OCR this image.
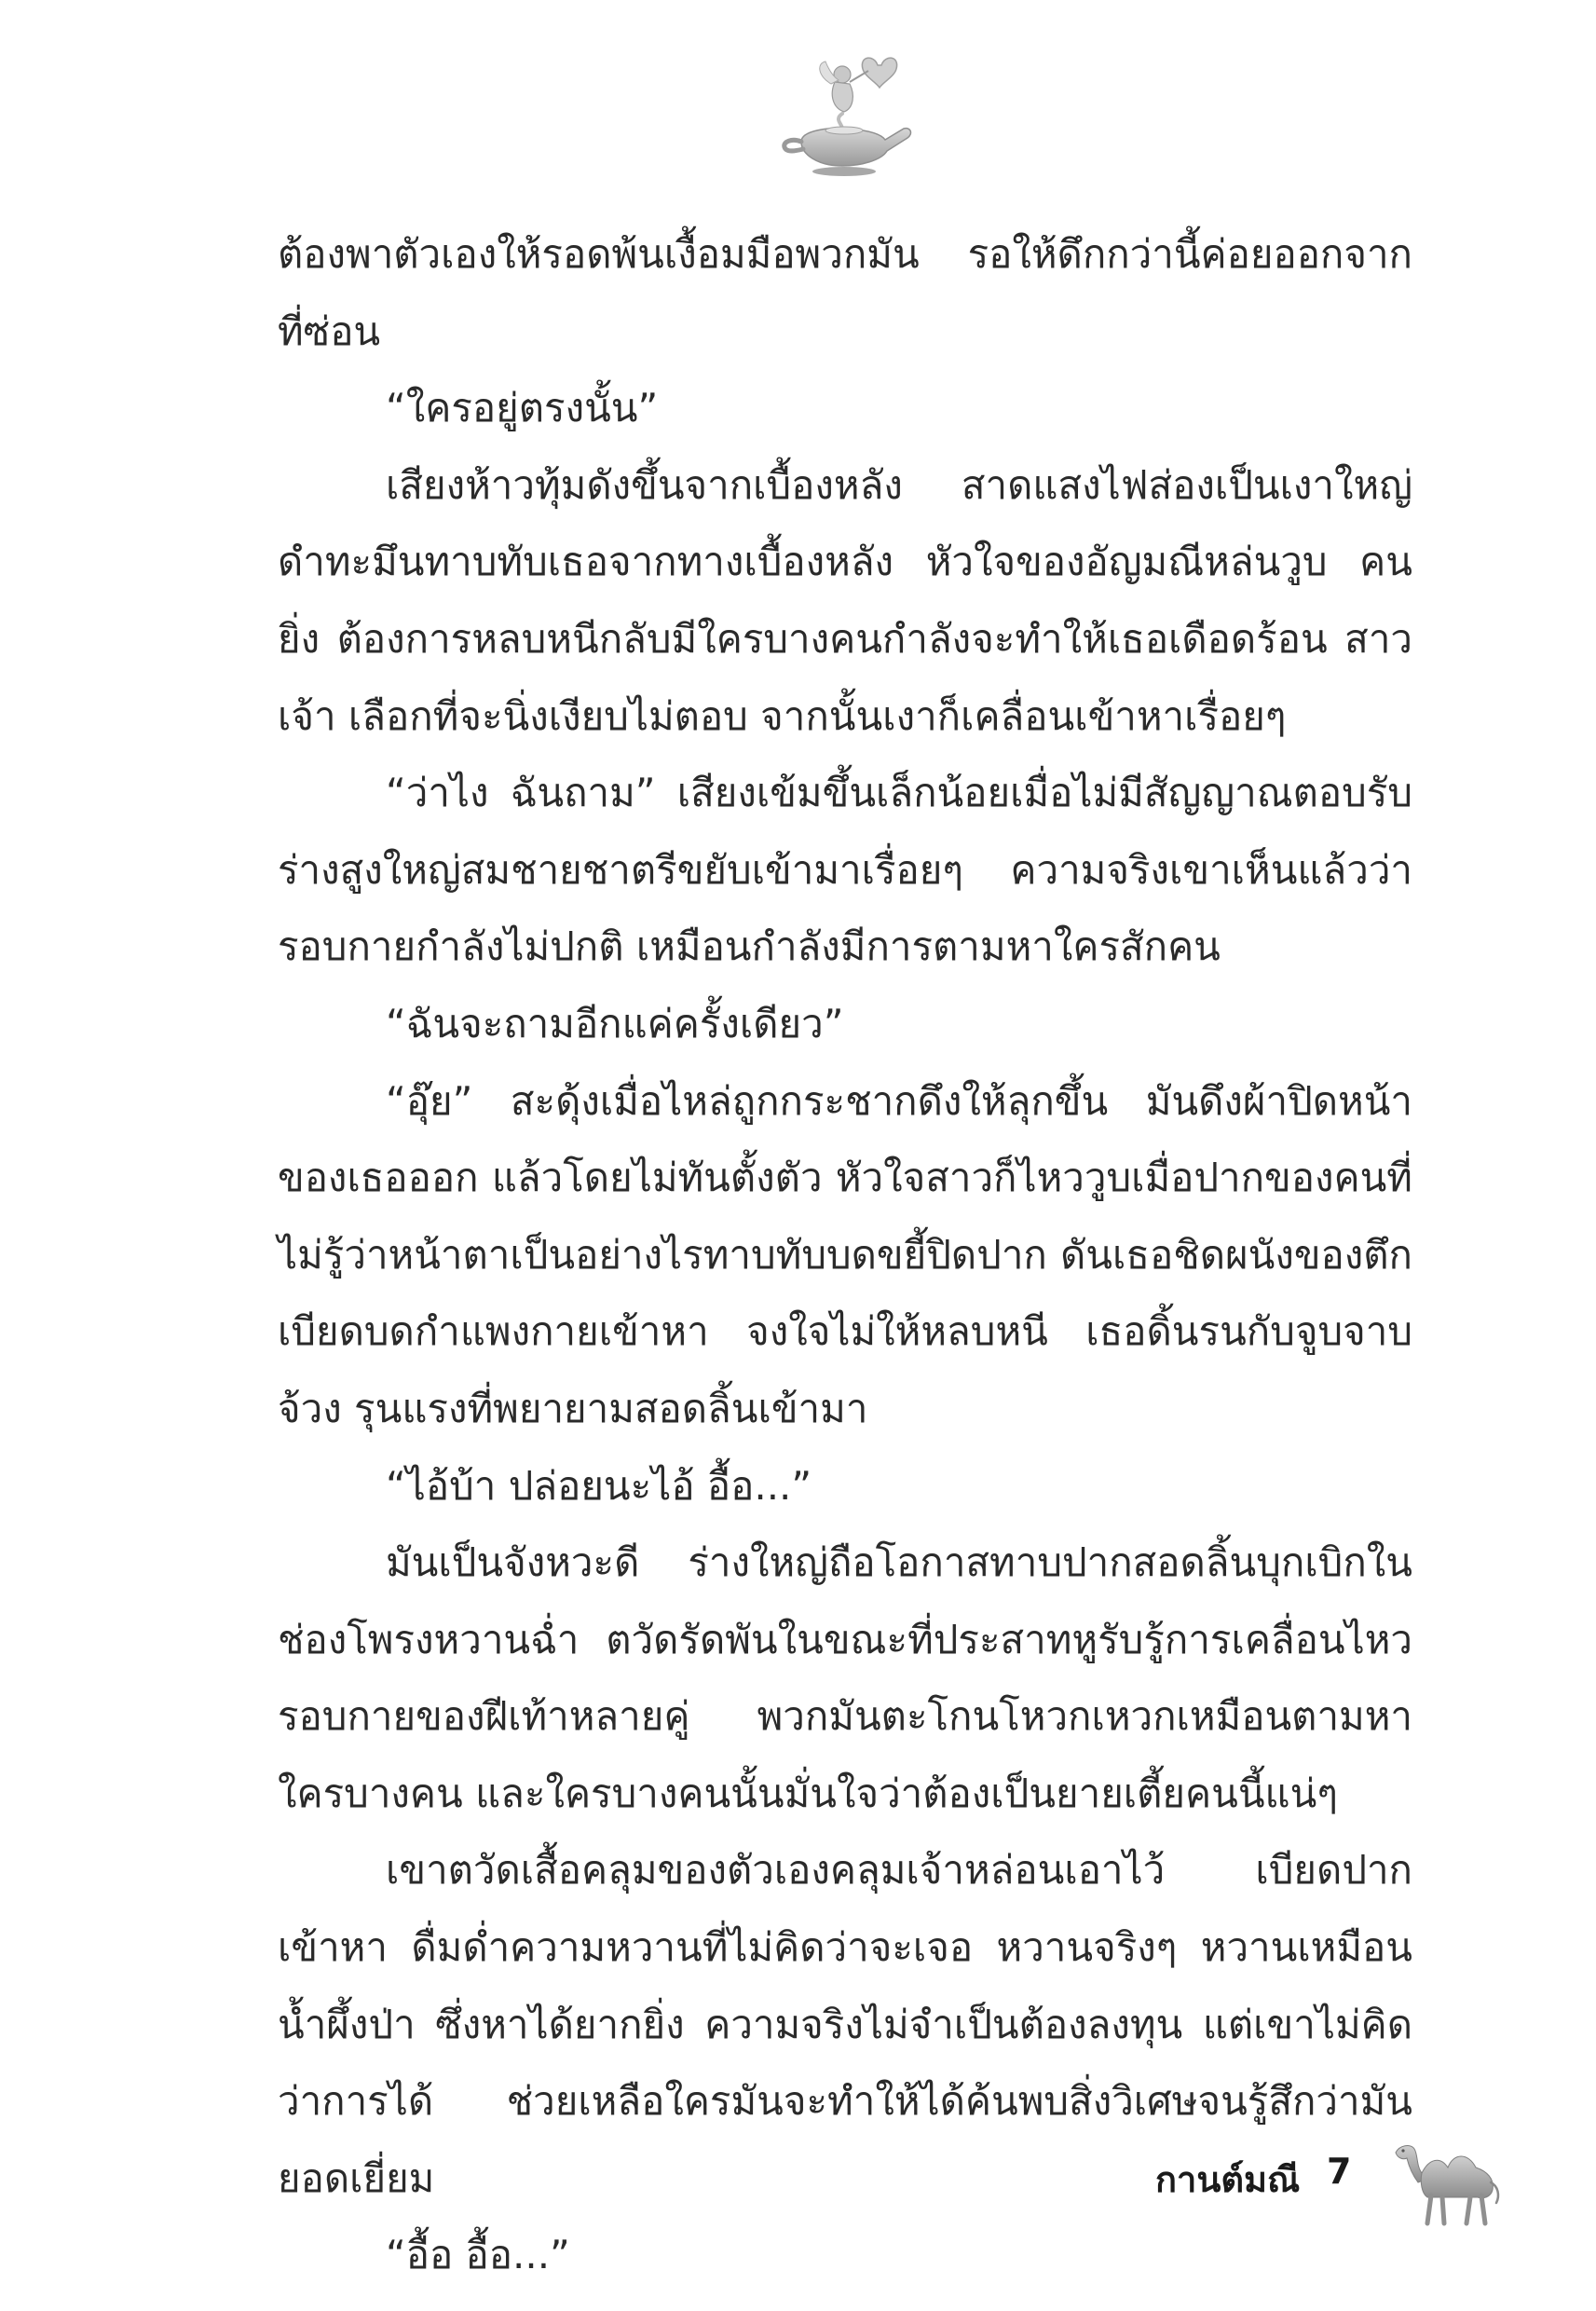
ต้องพาตัวเองให้รอดพ้นเงื้อมมือพวกมัน รอให้ดึกกว่านี้ค่อยออกจาก ที่ซ่อน

“ใครอยู่ตรงนั้น”

เสียงห้าวทุ้มดังขึ้นจากเบื้องหลัง สาดแสงไฟส่องเป็นเงาใหญ่ ดำทะมึนทาบทับเธอจากทางเบื้องหลัง หัวใจของอัญมณีหล่นวูบ คนยิ่ง ต้องการหลบหนีกลับมีใครบางคนกำลังจะทำให้เธอเดือดร้อน สาวเจ้า เลือกที่จะนิ่งเงียบไม่ตอบ จากนั้นเงาก็เคลื่อนเข้าหาเรื่อยๆ

“ว่าไง ฉันถาม” เสียงเข้มขึ้นเล็กน้อยเมื่อไม่มีสัญญาณตอบรับ ร่างสูงใหญ่สมชายชาตรีขยับเข้ามาเรื่อยๆ ความจริงเขาเห็นแล้วว่า รอบกายกำลังไม่ปกติ เหมือนกำลังมีการตามหาใครสักคน

“ฉันจะถามอีกแค่ครั้งเดียว”

“อุ๊ย” สะดุ้งเมื่อไหล่ถูกกระชากดึงให้ลุกขึ้น มันดึงผ้าปิดหน้า ของเธอออก แล้วโดยไม่ทันตั้งตัว หัวใจสาวก็ไหววูบเมื่อปากของคนที่ ไม่รู้ว่าหน้าตาเป็นอย่างไรทาบทับบดขยี้ปิดปาก ดันเธอชิดผนังของตึก เบียดบดกำแพงกายเข้าหา จงใจไม่ให้หลบหนี เธอดิ้นรนกับจูบจาบจ้วง รุนแรงที่พยายามสอดลิ้นเข้ามา

“ไอ้บ้า ปล่อยนะไอ้ อื้อ...”

มันเป็นจังหวะดี ร่างใหญ่ถือโอกาสทาบปากสอดลิ้นบุกเบิกใน ช่องโพรงหวานฉ่ำ ตวัดรัดพันในขณะที่ประสาทหูรับรู้การเคลื่อนไหว รอบกายของฝีเท้าหลายคู่ พวกมันตะโกนโหวกเหวกเหมือนตามหา ใครบางคน และใครบางคนนั้นมั่นใจว่าต้องเป็นยายเตี้ยคนนี้แน่ๆ

เขาตวัดเสื้อคลุมของตัวเองคลุมเจ้าหล่อนเอาไว้ เบียดปากเข้าหา ดื่มด่ำความหวานที่ไม่คิดว่าจะเจอ หวานจริงๆ หวานเหมือนน้ำผึ้งป่า ซึ่งหาได้ยากยิ่ง ความจริงไม่จำเป็นต้องลงทุน แต่เขาไม่คิดว่าการได้ ช่วยเหลือใครมันจะทำให้ได้ค้นพบสิ่งวิเศษจนรู้สึกว่ามันยอดเยี่ยม

“อื้อ อื้อ...”

กานต์มณี 7
